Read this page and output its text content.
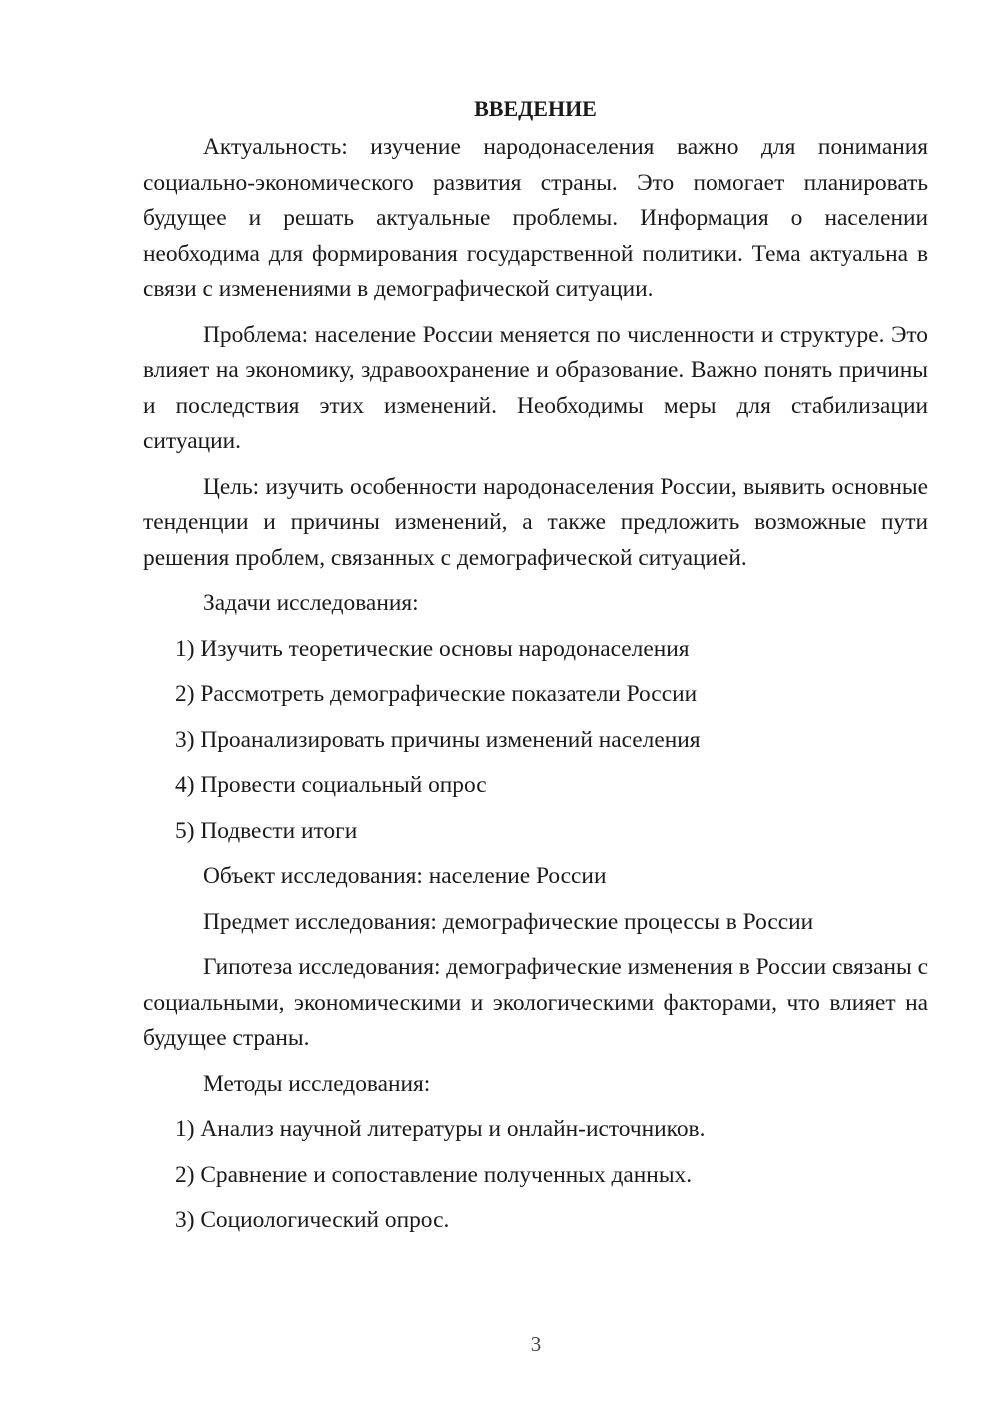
ВВЕДЕНИЕ

Актуальность: изучение народонаселения важно для понимания социально-экономического развития страны. Это помогает планировать будущее и решать актуальные проблемы. Информация о населении необходима для формирования государственной политики. Тема актуальна в связи с изменениями в демографической ситуации.

Проблема: население России меняется по численности и структуре. Это влияет на экономику, здравоохранение и образование. Важно понять причины и последствия этих изменений. Необходимы меры для стабилизации ситуации.

Цель: изучить особенности народонаселения России, выявить основные тенденции и причины изменений, а также предложить возможные пути решения проблем, связанных с демографической ситуацией.

Задачи исследования:

1) Изучить теоретические основы народонаселения

2) Рассмотреть демографические показатели России

3) Проанализировать причины изменений населения

4) Провести социальный опрос

5) Подвести итоги

Объект исследования: население России

Предмет исследования: демографические процессы в России

Гипотеза исследования: демографические изменения в России связаны с социальными, экономическими и экологическими факторами, что влияет на будущее страны.

Методы исследования:

1) Анализ научной литературы и онлайн-источников.

2) Сравнение и сопоставление полученных данных.

3) Социологический опрос.

3
